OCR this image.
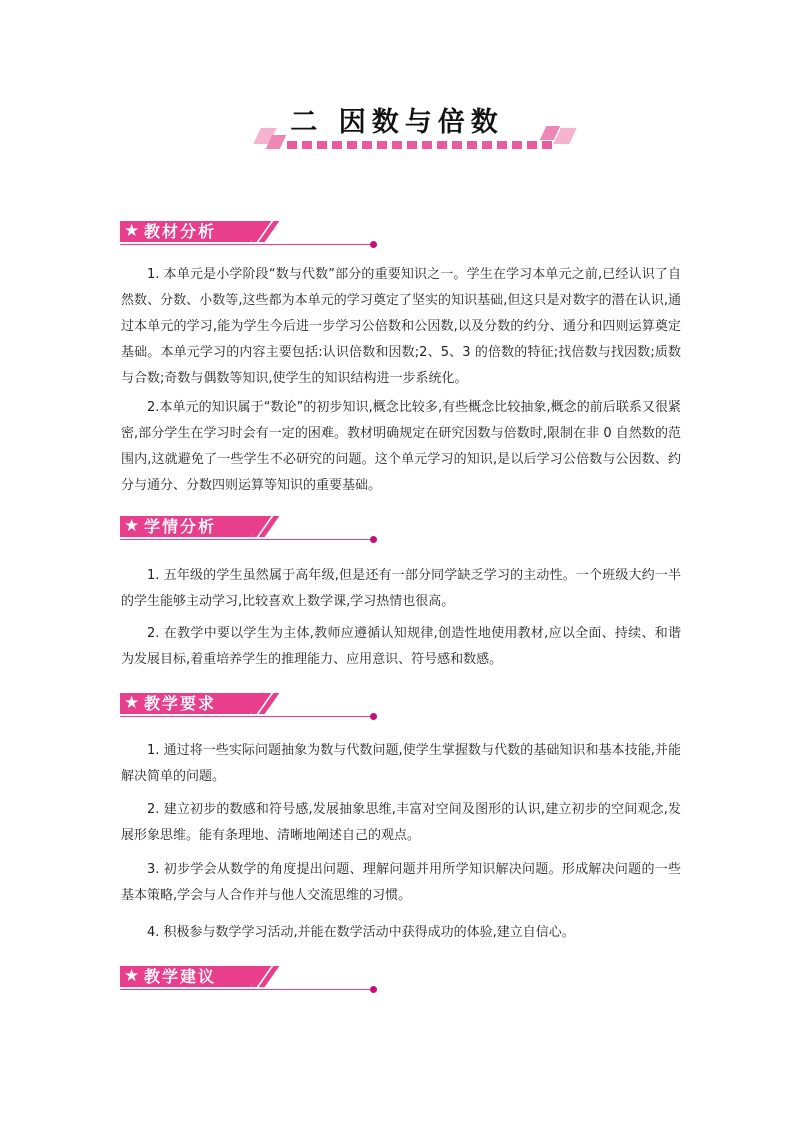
二 因数与倍数
★ 教材分析

1. 本单元是小学阶段“数与代数”部分的重要知识之一。学生在学习本单元之前,已经认识了自然数、分数、小数等,这些都为本单元的学习奠定了坚实的知识基础,但这只是对数字的潜在认识,通过本单元的学习,能为学生今后进一步学习公倍数和公因数,以及分数的约分、通分和四则运算奠定基础。本单元学习的内容主要包括:认识倍数和因数;2、5、3 的倍数的特征;找倍数与找因数;质数与合数;奇数与偶数等知识,使学生的知识结构进一步系统化。

2.本单元的知识属于“数论”的初步知识,概念比较多,有些概念比较抽象,概念的前后联系又很紧密,部分学生在学习时会有一定的困难。教材明确规定在研究因数与倍数时,限制在非 0 自然数的范围内,这就避免了一些学生不必研究的问题。这个单元学习的知识,是以后学习公倍数与公因数、约分与通分、分数四则运算等知识的重要基础。

★ 学情分析

1. 五年级的学生虽然属于高年级,但是还有一部分同学缺乏学习的主动性。一个班级大约一半的学生能够主动学习,比较喜欢上数学课,学习热情也很高。

2. 在教学中要以学生为主体,教师应遵循认知规律,创造性地使用教材,应以全面、持续、和谐为发展目标,着重培养学生的推理能力、应用意识、符号感和数感。

★ 教学要求

1. 通过将一些实际问题抽象为数与代数问题,使学生掌握数与代数的基础知识和基本技能,并能解决简单的问题。

2. 建立初步的数感和符号感,发展抽象思维,丰富对空间及图形的认识,建立初步的空间观念,发展形象思维。能有条理地、清晰地阐述自己的观点。

3. 初步学会从数学的角度提出问题、理解问题并用所学知识解决问题。形成解决问题的一些基本策略,学会与人合作并与他人交流思维的习惯。

4. 积极参与数学学习活动,并能在数学活动中获得成功的体验,建立自信心。

★ 教学建议
